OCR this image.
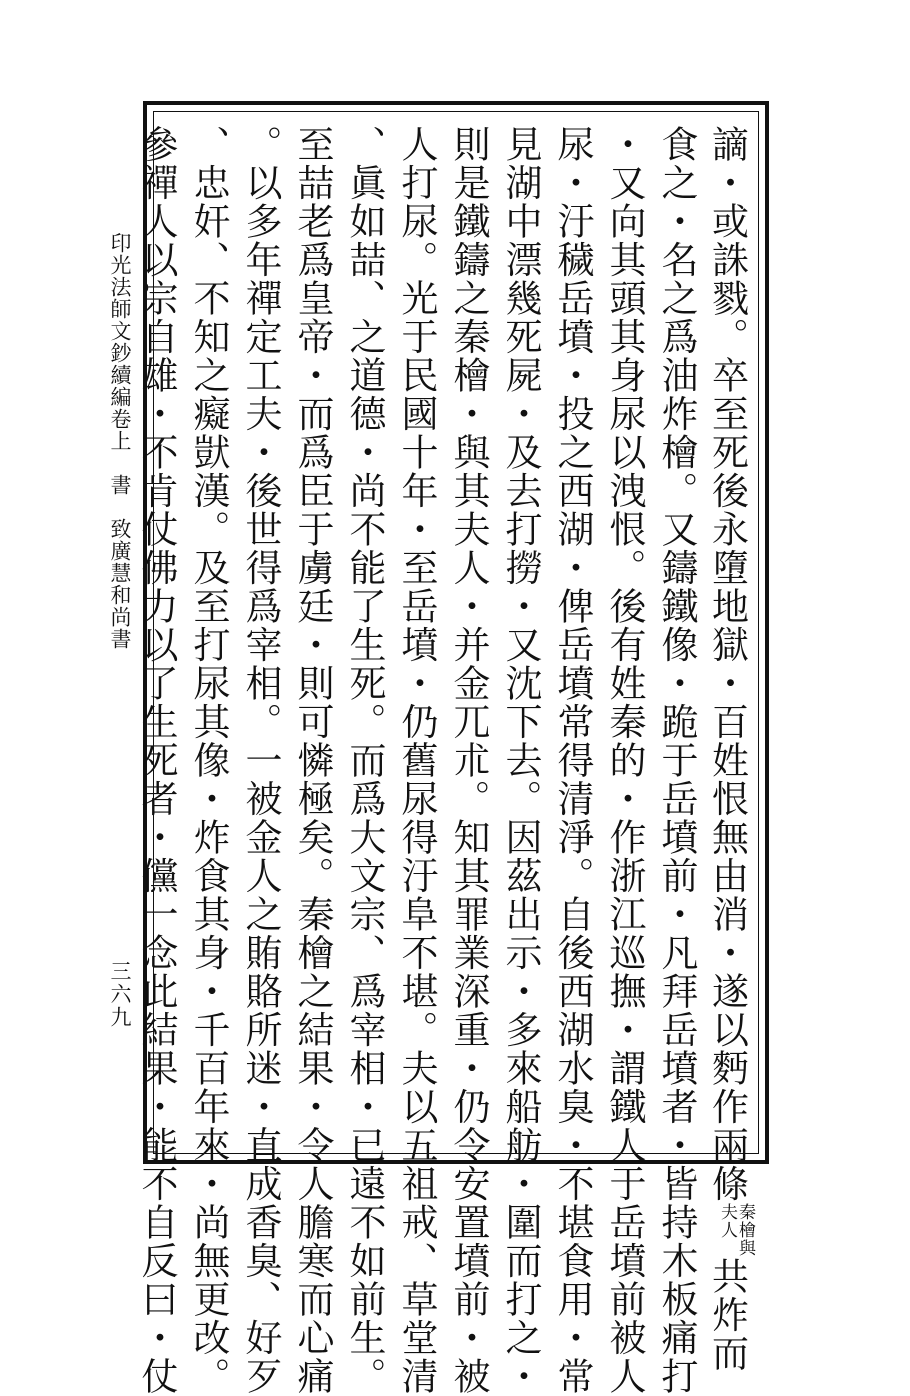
印光法師文鈔續編卷上書致廣慧和尚書
三六九	謫・或誅戮。卒至死後永墮地獄・百姓恨無由消・遂以麪作兩條秦檜與
夫人共炸而
食之・名之爲油炸檜。又鑄鐵像・跪于岳墳前・凡拜岳墳者・皆持木板痛打
・又向其頭其身尿以洩恨。後有姓秦的・作浙江巡撫・謂鐵人于岳墳前被人
尿・汙穢岳墳・投之西湖・俾岳墳常得清淨。自後西湖水臭・不堪食用・常
見湖中漂幾死屍・及去打撈・又沈下去。因茲出示・多來船舫・圍而打之・
則是鐵鑄之秦檜・與其夫人・并金兀朮。知其罪業深重・仍令安置墳前・被
人打尿。光于民國十年・至岳墳・仍舊尿得汙阜不堪。夫以五祖戒、草堂清
、眞如喆、之道德・尚不能了生死。而爲大文宗、爲宰相・已遠不如前生。
至喆老爲皇帝・而爲臣于虜廷・則可憐極矣。秦檜之結果・令人膽寒而心痛
。以多年禪定工夫・後世得爲宰相。一被金人之賄賂所迷・直成香臭、好歹
、忠奸、不知之癡獃漢。及至打尿其像・炸食其身・千百年來・尚無更改。
參禪人以宗自雄・不肯仗佛力以了生死者・儻一念此結果・能不自反曰・仗
